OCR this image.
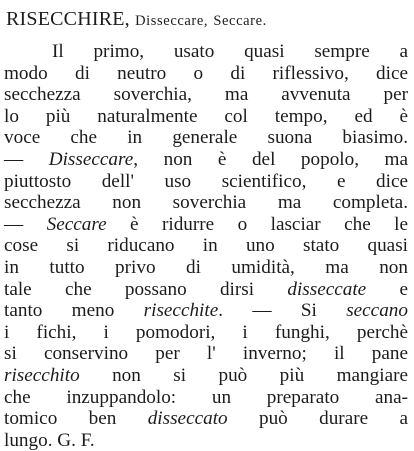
RISECCHIRE, Disseccare, Seccare.
Il primo, usato quasi sempre a
modo di neutro o di riflessivo, dice
secchezza soverchia, ma avvenuta per
lo più naturalmente col tempo, ed è
voce che in generale suona biasimo.
— Disseccare, non è del popolo, ma
piuttosto dell' uso scientifico, e dice
secchezza non soverchia ma completa.
— Seccare è ridurre o lasciar che le
cose si riducano in uno stato quasi
in tutto privo di umidità, ma non
tale che possano dirsi disseccate e
tanto meno risecchite. — Si seccano
i fichi, i pomodori, i funghi, perchè
si conservino per l' inverno; il pane
risecchito non si può più mangiare
che inzuppandolo: un preparato ana-
tomico ben disseccato può durare a
lungo. G. F.
